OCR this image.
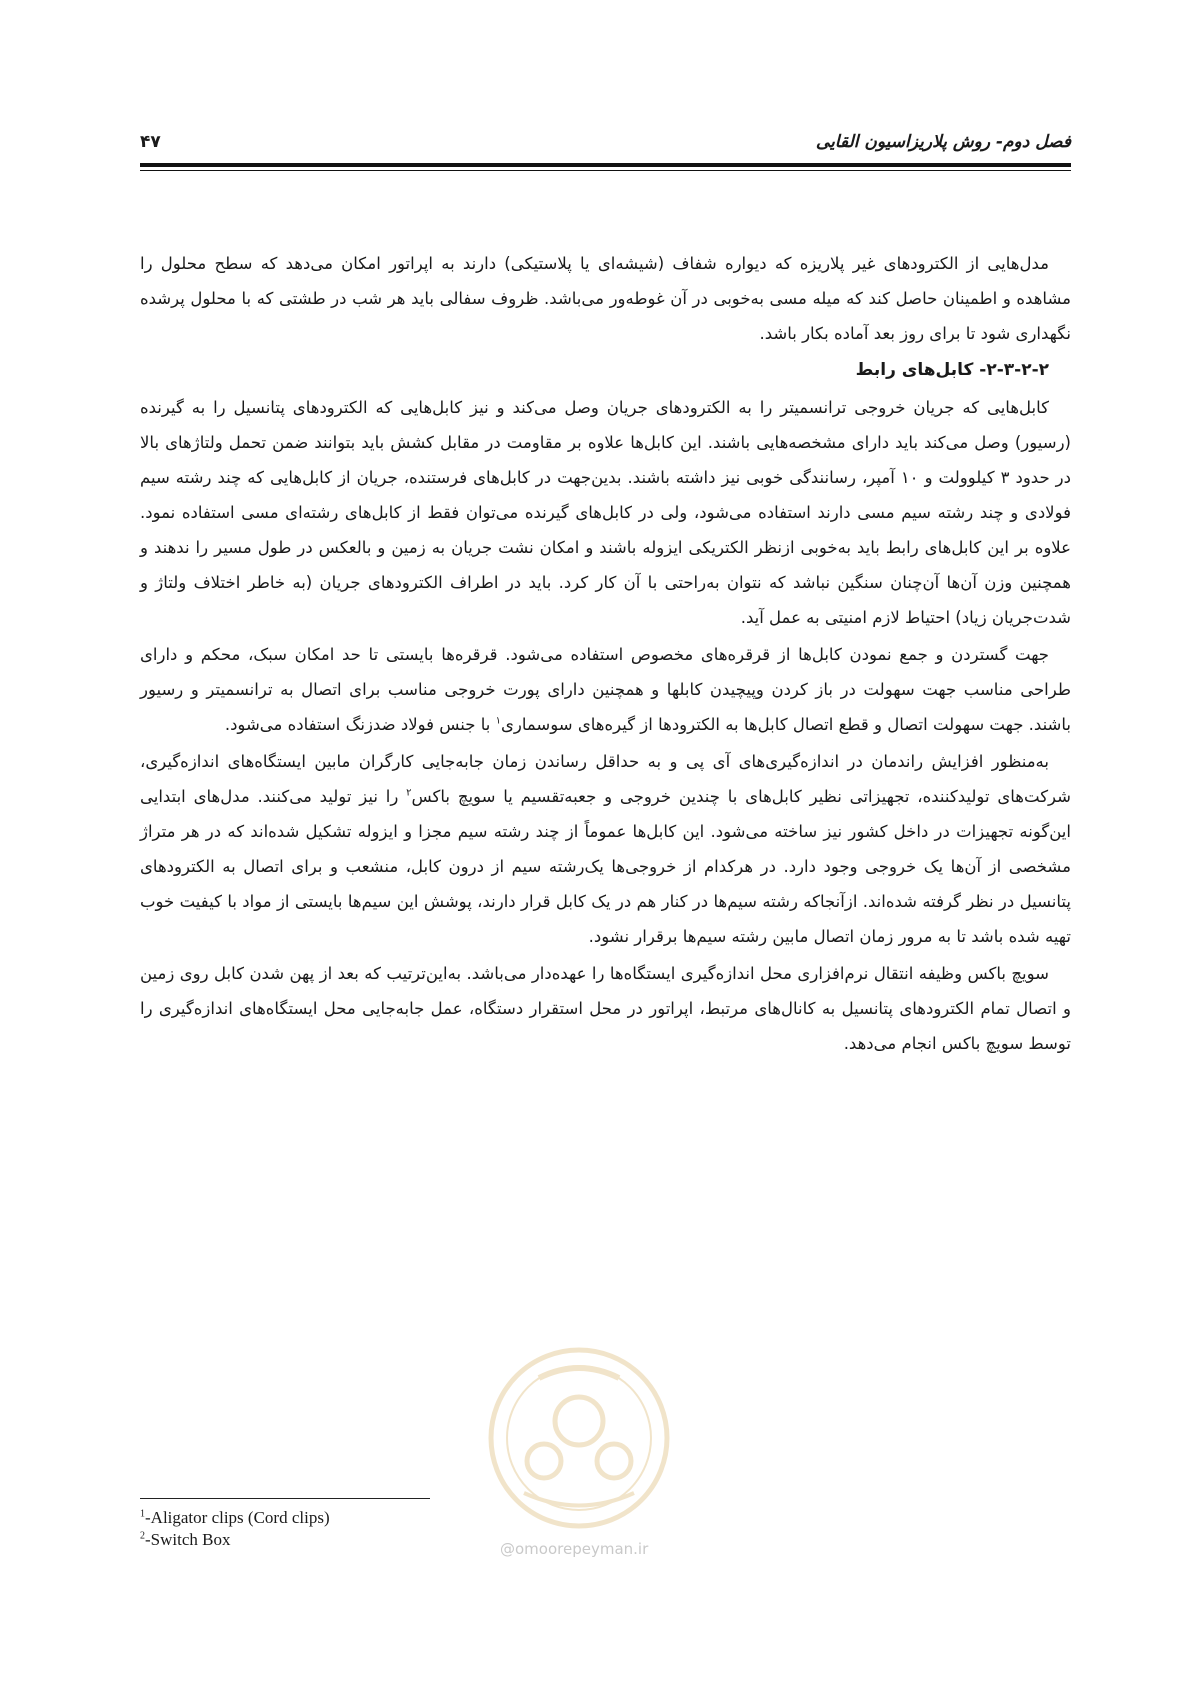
فصل دوم- روش پلاریزاسیون القایی
۴۷

مدل‌هایی از الکترودهای غیر پلاریزه که دیواره شفاف (شیشه‌ای یا پلاستیکی) دارند به اپراتور امکان می‌دهد که سطح محلول را مشاهده و اطمینان حاصل کند که میله مسی به‌خوبی در آن غوطه‌ور می‌باشد. ظروف سفالی باید هر شب در طشتی که با محلول پرشده نگهداری شود تا برای روز بعد آماده بکار باشد.

۲-۳-۲-۲- کابل‌های رابط

کابل‌هایی که جریان خروجی ترانسمیتر را به الکترودهای جریان وصل می‌کند و نیز کابل‌هایی که الکترودهای پتانسیل را به گیرنده (رسیور) وصل می‌کند باید دارای مشخصه‌هایی باشند. این کابل‌ها علاوه بر مقاومت در مقابل کشش باید بتوانند ضمن تحمل ولتاژهای بالا در حدود ۳ کیلوولت و ۱۰ آمپر، رسانندگی خوبی نیز داشته باشند. بدین‌جهت در کابل‌های فرستنده، جریان از کابل‌هایی که چند رشته سیم فولادی و چند رشته سیم مسی دارند استفاده می‌شود، ولی در کابل‌های گیرنده می‌توان فقط از کابل‌های رشته‌ای مسی استفاده نمود. علاوه بر این کابل‌های رابط باید به‌خوبی ازنظر الکتریکی ایزوله باشند و امکان نشت جریان به زمین و بالعکس در طول مسیر را ندهند و همچنین وزن آن‌ها آن‌چنان سنگین نباشد که نتوان به‌راحتی با آن کار کرد. باید در اطراف الکترودهای جریان (به خاطر اختلاف ولتاژ و شدت‌جریان زیاد) احتیاط لازم امنیتی به عمل آید.

جهت گستردن و جمع نمودن کابل‌ها از قرقره‌های مخصوص استفاده می‌شود. قرقره‌ها بایستی تا حد امکان سبک، محکم و دارای طراحی مناسب جهت سهولت در باز کردن وپیچیدن کابلها و همچنین دارای پورت خروجی مناسب برای اتصال به ترانسمیتر و رسیور باشند. جهت سهولت اتصال و قطع اتصال کابل‌ها به الکترودها از گیره‌های سوسماری$^۱$ با جنس فولاد ضدزنگ استفاده می‌شود.

به‌منظور افزایش راندمان در اندازه‌گیری‌های آی پی و به حداقل رساندن زمان جابه‌جایی کارگران مابین ایستگاه‌های اندازه‌گیری، شرکت‌های تولیدکننده، تجهیزاتی نظیر کابل‌های با چندین خروجی و جعبه‌تقسیم یا سویچ باکس$^۲$ را نیز تولید می‌کنند. مدل‌های ابتدایی این‌گونه تجهیزات در داخل کشور نیز ساخته می‌شود. این کابل‌ها عموماً از چند رشته سیم مجزا و ایزوله تشکیل شده‌اند که در هر متراژ مشخصی از آن‌ها یک خروجی وجود دارد. در هرکدام از خروجی‌ها یک‌رشته سیم از درون کابل، منشعب و برای اتصال به الکترودهای پتانسیل در نظر گرفته شده‌اند. ازآنجاکه رشته سیم‌ها در کنار هم در یک کابل قرار دارند، پوشش این سیم‌ها بایستی از مواد با کیفیت خوب تهیه شده باشد تا به مرور زمان اتصال مابین رشته سیم‌ها برقرار نشود.

سویچ باکس وظیفه انتقال نرم‌افزاری محل اندازه‌گیری ایستگاه‌ها را عهده‌دار می‌باشد. به‌این‌ترتیب که بعد از پهن شدن کابل روی زمین و اتصال تمام الکترودهای پتانسیل به کانال‌های مرتبط، اپراتور در محل استقرار دستگاه، عمل جابه‌جایی محل ایستگاه‌های اندازه‌گیری را توسط سویچ باکس انجام می‌دهد.

@omoorepeyman.ir
$^1$-Aligator clips (Cord clips)
$^2$-Switch Box
